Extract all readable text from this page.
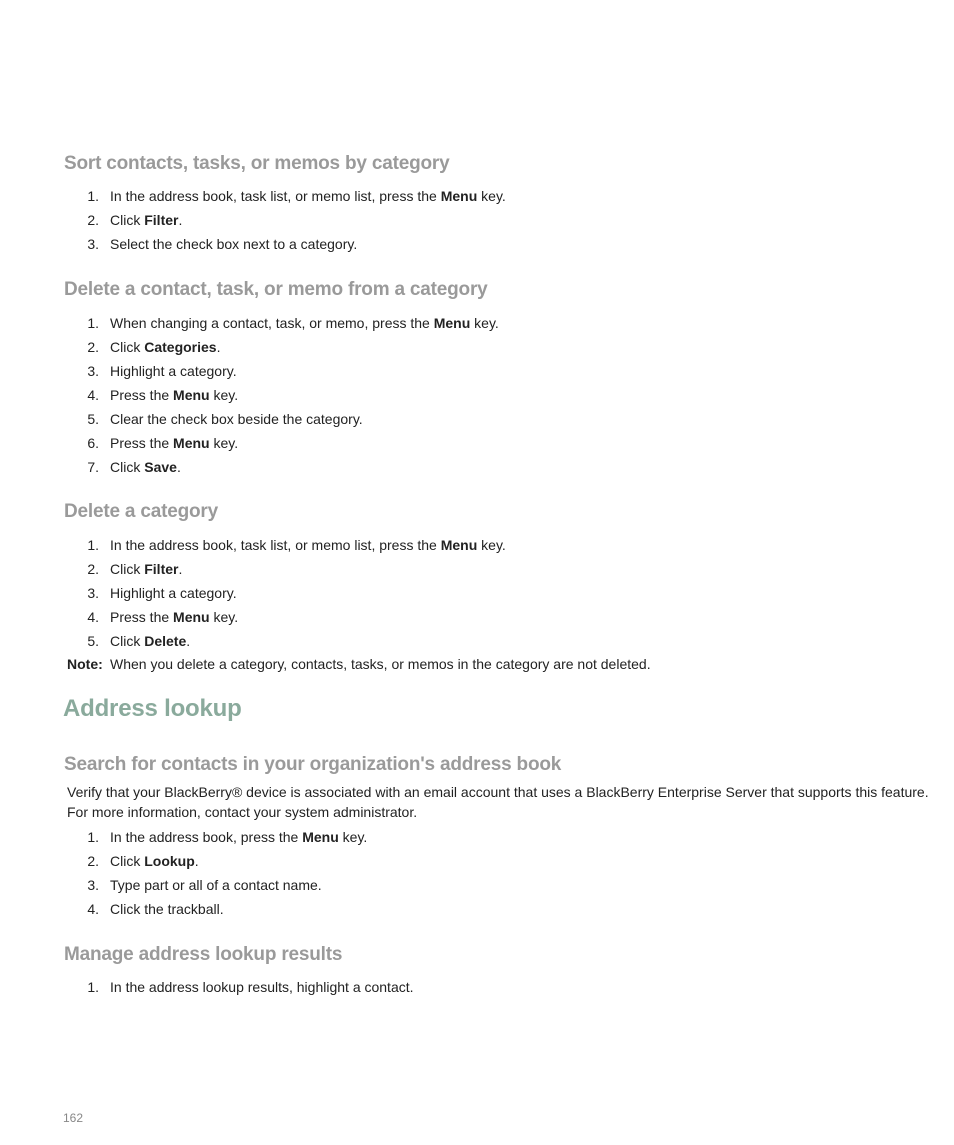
Sort contacts, tasks, or memos by category
1. In the address book, task list, or memo list, press the Menu key.
2. Click Filter.
3. Select the check box next to a category.
Delete a contact, task, or memo from a category
1. When changing a contact, task, or memo, press the Menu key.
2. Click Categories.
3. Highlight a category.
4. Press the Menu key.
5. Clear the check box beside the category.
6. Press the Menu key.
7. Click Save.
Delete a category
1. In the address book, task list, or memo list, press the Menu key.
2. Click Filter.
3. Highlight a category.
4. Press the Menu key.
5. Click Delete.
Note: When you delete a category, contacts, tasks, or memos in the category are not deleted.
Address lookup
Search for contacts in your organization's address book
Verify that your BlackBerry® device is associated with an email account that uses a BlackBerry Enterprise Server that supports this feature.
For more information, contact your system administrator.
1. In the address book, press the Menu key.
2. Click Lookup.
3. Type part or all of a contact name.
4. Click the trackball.
Manage address lookup results
1. In the address lookup results, highlight a contact.
162
